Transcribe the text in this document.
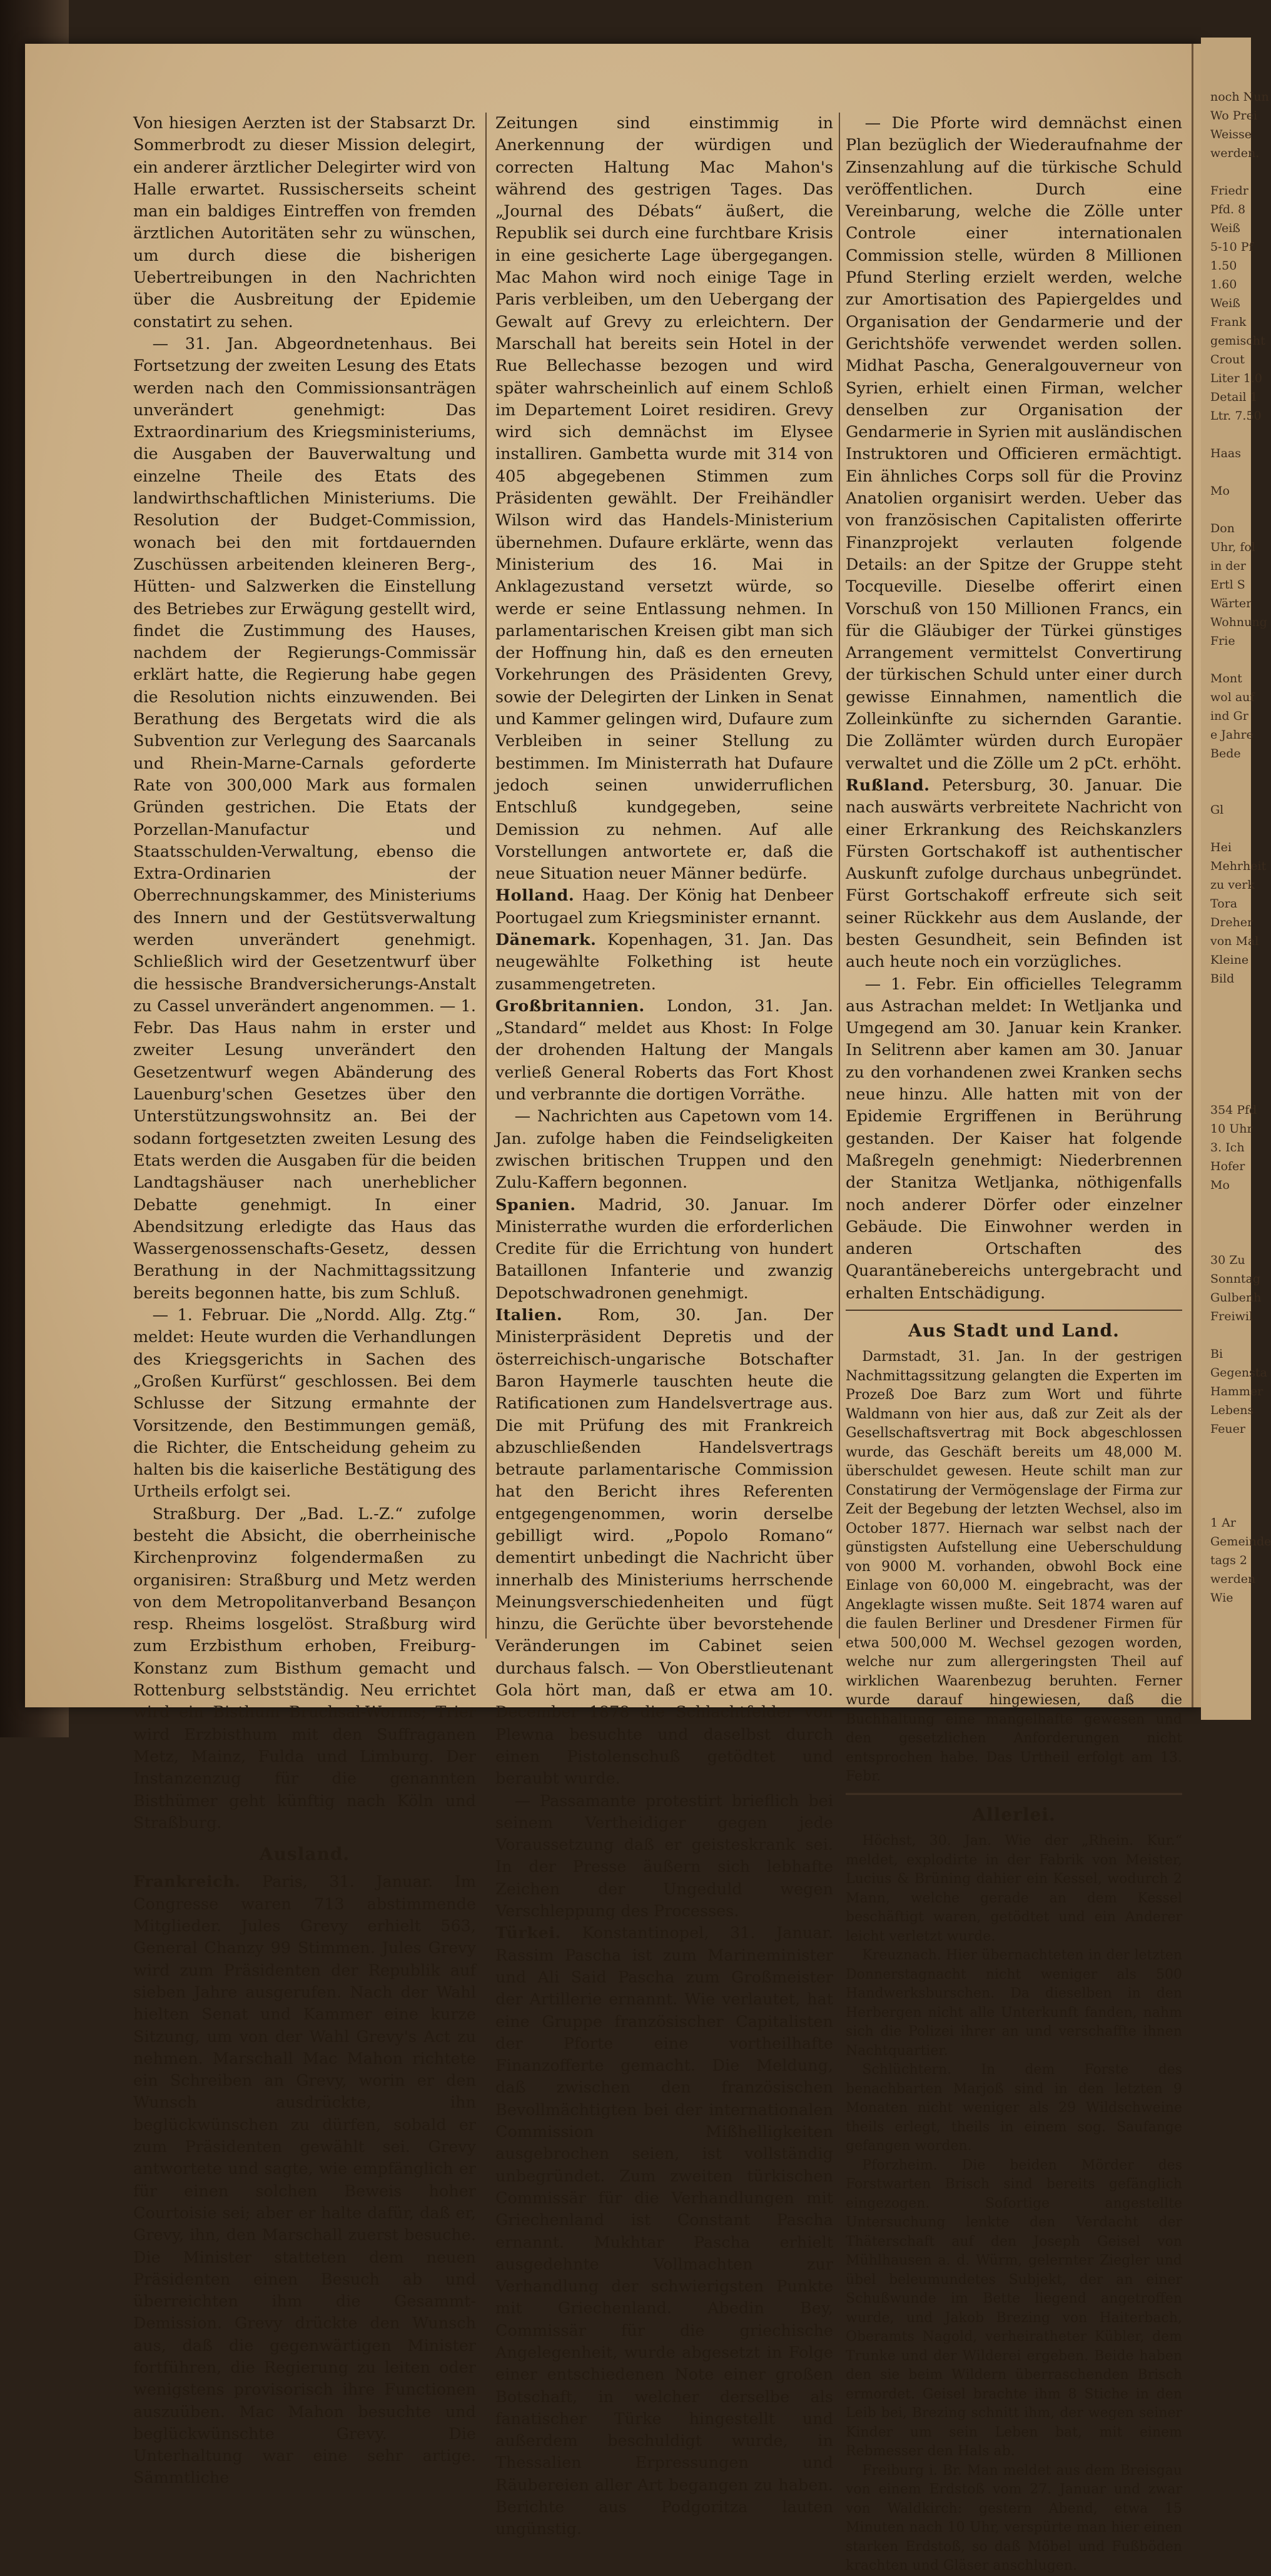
noch Nun
Wo Prei
Weisse
werden.

Friedr
Pfd. 8
Weiß
5-10 Pf
1.50
1.60
Weiß
Frank
gemischt
Crout
Liter 1.0
Detail 1
Ltr. 7.50

Haas

Mo

Don
Uhr, fol
in der
Ertl S
Wärter
Wohnung
Frie

Mont
wol auf
ind Gr
e Jahre
Bede

Gl

Hei
Mehrheit
zu verk
Tora
Dreher
von Mal
Kleine
Bild

354 Pfd
10 Uhr
3. Ich
Hofer
Mo

30 Zu
Sonntag
Gulbenh
Freiwil

Bi
Gegensta
Hammer
Lebens
Feuer

1 Ar
Gemeinde
tags 2
werden
Wie

Von hiesigen Aerzten ist der Stabsarzt Dr. Sommerbrodt zu dieser Mission delegirt, ein anderer ärztlicher Delegirter wird von Halle erwartet. Russischerseits scheint man ein baldiges Eintreffen von fremden ärztlichen Autoritäten sehr zu wünschen, um durch diese die bisherigen Uebertreibungen in den Nachrichten über die Ausbreitung der Epidemie constatirt zu sehen.

— 31. Jan. Abgeordnetenhaus. Bei Fortsetzung der zweiten Lesung des Etats werden nach den Commissionsanträgen unverändert genehmigt: Das Extraordinarium des Kriegsministeriums, die Ausgaben der Bauverwaltung und einzelne Theile des Etats des landwirthschaftlichen Ministeriums. Die Resolution der Budget-Commission, wonach bei den mit fortdauernden Zuschüssen arbeitenden kleineren Berg-, Hütten- und Salzwerken die Einstellung des Betriebes zur Erwägung gestellt wird, findet die Zustimmung des Hauses, nachdem der Regierungs-Commissär erklärt hatte, die Regierung habe gegen die Resolution nichts einzuwenden. Bei Berathung des Bergetats wird die als Subvention zur Verlegung des Saarcanals und Rhein-Marne-Carnals geforderte Rate von 300,000 Mark aus formalen Gründen gestrichen. Die Etats der Porzellan-Manufactur und Staatsschulden-Verwaltung, ebenso die Extra-Ordinarien der Oberrechnungskammer, des Ministeriums des Innern und der Gestütsverwaltung werden unverändert genehmigt. Schließlich wird der Gesetzentwurf über die hessische Brandversicherungs-Anstalt zu Cassel unverändert angenommen. — 1. Febr. Das Haus nahm in erster und zweiter Lesung unverändert den Gesetzentwurf wegen Abänderung des Lauenburg'schen Gesetzes über den Unterstützungswohnsitz an. Bei der sodann fortgesetzten zweiten Lesung des Etats werden die Ausgaben für die beiden Landtagshäuser nach unerheblicher Debatte genehmigt. In einer Abendsitzung erledigte das Haus das Wassergenossenschafts-Gesetz, dessen Berathung in der Nachmittagssitzung bereits begonnen hatte, bis zum Schluß.

— 1. Februar. Die „Nordd. Allg. Ztg.“ meldet: Heute wurden die Verhandlungen des Kriegsgerichts in Sachen des „Großen Kurfürst“ geschlossen. Bei dem Schlusse der Sitzung ermahnte der Vorsitzende, den Bestimmungen gemäß, die Richter, die Entscheidung geheim zu halten bis die kaiserliche Bestätigung des Urtheils erfolgt sei.

Straßburg. Der „Bad. L.-Z.“ zufolge besteht die Absicht, die oberrheinische Kirchenprovinz folgendermaßen zu organisiren: Straßburg und Metz werden von dem Metropolitanverband Besançon resp. Rheims losgelöst. Straßburg wird zum Erzbisthum erhoben, Freiburg-Konstanz zum Bisthum gemacht und Rottenburg selbstständig. Neu errichtet wird ein Bisthum Bruchsal-Worms; Trier wird Erzbisthum mit den Suffraganen Metz, Mainz, Fulda und Limburg. Der Instanzenzug für die genannten Bisthümer geht künftig nach Köln und Straßburg.

Ausland.

Frankreich. Paris, 31. Januar. Im Congresse waren 713 abstimmende Mitglieder. Jules Grevy erhielt 563, General Chanzy 99 Stimmen. Jules Grevy wird zum Präsidenten der Republik auf sieben Jahre ausgerufen. Nach der Wahl hielten Senat und Kammer eine kurze Sitzung, um von der Wahl Grevy's Act zu nehmen. Marschall Mac Mahon richtete ein Schreiben an Grevy, worin er den Wunsch ausdrückte, ihn beglückwünschen zu dürfen, sobald er zum Präsidenten gewählt sei. Grevy antwortete und sagte, wie empfänglich er für einen solchen Beweis hoher Courtoisie sei; aber er halte dafür, daß er, Grevy, ihn, den Marschall zuerst besuche. Die Minister statteten dem neuen Präsidenten einen Besuch ab und überreichten ihm die Gesammt-Demission. Grevy drückte den Wunsch aus, daß die gegenwärtigen Minister fortführen, die Regierung zu leiten oder wenigstens provisorisch ihre Functionen auszuüben. Mac Mahon besuchte und beglückwünschte Grevy. Die Unterhaltung war eine sehr artige. Sämmtliche

Zeitungen sind einstimmig in Anerkennung der würdigen und correcten Haltung Mac Mahon's während des gestrigen Tages. Das „Journal des Débats“ äußert, die Republik sei durch eine furchtbare Krisis in eine gesicherte Lage übergegangen. Mac Mahon wird noch einige Tage in Paris verbleiben, um den Uebergang der Gewalt auf Grevy zu erleichtern. Der Marschall hat bereits sein Hotel in der Rue Bellechasse bezogen und wird später wahrscheinlich auf einem Schloß im Departement Loiret residiren. Grevy wird sich demnächst im Elysee installiren. Gambetta wurde mit 314 von 405 abgegebenen Stimmen zum Präsidenten gewählt. Der Freihändler Wilson wird das Handels-Ministerium übernehmen. Dufaure erklärte, wenn das Ministerium des 16. Mai in Anklagezustand versetzt würde, so werde er seine Entlassung nehmen. In parlamentarischen Kreisen gibt man sich der Hoffnung hin, daß es den erneuten Vorkehrungen des Präsidenten Grevy, sowie der Delegirten der Linken in Senat und Kammer gelingen wird, Dufaure zum Verbleiben in seiner Stellung zu bestimmen. Im Ministerrath hat Dufaure jedoch seinen unwiderruflichen Entschluß kundgegeben, seine Demission zu nehmen. Auf alle Vorstellungen antwortete er, daß die neue Situation neuer Männer bedürfe.

Holland. Haag. Der König hat Denbeer Poortugael zum Kriegsminister ernannt.

Dänemark. Kopenhagen, 31. Jan. Das neugewählte Folkething ist heute zusammengetreten.

Großbritannien. London, 31. Jan. „Standard“ meldet aus Khost: In Folge der drohenden Haltung der Mangals verließ General Roberts das Fort Khost und verbrannte die dortigen Vorräthe.

— Nachrichten aus Capetown vom 14. Jan. zufolge haben die Feindseligkeiten zwischen britischen Truppen und den Zulu-Kaffern begonnen.

Spanien. Madrid, 30. Januar. Im Ministerrathe wurden die erforderlichen Credite für die Errichtung von hundert Bataillonen Infanterie und zwanzig Depotschwadronen genehmigt.

Italien. Rom, 30. Jan. Der Ministerpräsident Depretis und der österreichisch-ungarische Botschafter Baron Haymerle tauschten heute die Ratificationen zum Handelsvertrage aus. Die mit Prüfung des mit Frankreich abzuschließenden Handelsvertrags betraute parlamentarische Commission hat den Bericht ihres Referenten entgegengenommen, worin derselbe gebilligt wird. „Popolo Romano“ dementirt unbedingt die Nachricht über innerhalb des Ministeriums herrschende Meinungsverschiedenheiten und fügt hinzu, die Gerüchte über bevorstehende Veränderungen im Cabinet seien durchaus falsch. — Von Oberstlieutenant Gola hört man, daß er etwa am 10. December 1878 die Schlachtfelder von Plewna besuchte und daselbst durch einen Pistolenschuß getödtet und beraubt wurde.

— Passamante protestirt brieflich bei seinem Vertheidiger gegen jede Voraussetzung daß er geisteskrank sei. In der Presse äußern sich lebhafte Zeichen der Ungeduld wegen Verschleppung des Processes.

Türkei. Konstantinopel, 31. Januar. Rassim Pascha ist zum Marineminister und Ali Said Pascha zum Großmeister der Artillerie ernannt. Wie verlautet, hat eine Gruppe französischer Capitalisten der Pforte eine vortheilhafte Finanzofferte gemacht. Die Meldung, daß zwischen den französischen Bevollmächtigten bei der internationalen Commission Mißhelligkeiten ausgebrochen seien, ist vollständig unbegründet. Zum zweiten türkischen Commissär für die Verhandlungen mit Griechenland ist Constant Pascha ernannt. Mukhtar Pascha erhielt ausgedehnte Vollmachten zur Verhandlung der schwierigsten Punkte mit Griechenland. Abedin Bey, Commissär für die griechische Angelegenheit, wurde abgesetzt in Folge einer entschiedenen Note einer großen Botschaft, in welcher derselbe als fanatischer Türke hingestellt und außerdem beschuldigt wurde, in Thessalien Erpressungen und Räubereien aller Art begangen zu haben. Berichte aus Podgoritza lauten ungünstig.

— Die Pforte wird demnächst einen Plan bezüglich der Wiederaufnahme der Zinsenzahlung auf die türkische Schuld veröffentlichen. Durch eine Vereinbarung, welche die Zölle unter Controle einer internationalen Commission stelle, würden 8 Millionen Pfund Sterling erzielt werden, welche zur Amortisation des Papiergeldes und Organisation der Gendarmerie und der Gerichtshöfe verwendet werden sollen. Midhat Pascha, Generalgouverneur von Syrien, erhielt einen Firman, welcher denselben zur Organisation der Gendarmerie in Syrien mit ausländischen Instruktoren und Officieren ermächtigt. Ein ähnliches Corps soll für die Provinz Anatolien organisirt werden. Ueber das von französischen Capitalisten offerirte Finanzprojekt verlauten folgende Details: an der Spitze der Gruppe steht Tocqueville. Dieselbe offerirt einen Vorschuß von 150 Millionen Francs, ein für die Gläubiger der Türkei günstiges Arrangement vermittelst Convertirung der türkischen Schuld unter einer durch gewisse Einnahmen, namentlich die Zolleinkünfte zu sichernden Garantie. Die Zollämter würden durch Europäer verwaltet und die Zölle um 2 pCt. erhöht.

Rußland. Petersburg, 30. Januar. Die nach auswärts verbreitete Nachricht von einer Erkrankung des Reichskanzlers Fürsten Gortschakoff ist authentischer Auskunft zufolge durchaus unbegründet. Fürst Gortschakoff erfreute sich seit seiner Rückkehr aus dem Auslande, der besten Gesundheit, sein Befinden ist auch heute noch ein vorzügliches.

— 1. Febr. Ein officielles Telegramm aus Astrachan meldet: In Wetljanka und Umgegend am 30. Januar kein Kranker. In Selitrenn aber kamen am 30. Januar zu den vorhandenen zwei Kranken sechs neue hinzu. Alle hatten mit von der Epidemie Ergriffenen in Berührung gestanden. Der Kaiser hat folgende Maßregeln genehmigt: Niederbrennen der Stanitza Wetljanka, nöthigenfalls noch anderer Dörfer oder einzelner Gebäude. Die Einwohner werden in anderen Ortschaften des Quarantänebereichs untergebracht und erhalten Entschädigung.

Aus Stadt und Land.

Darmstadt, 31. Jan. In der gestrigen Nachmittagssitzung gelangten die Experten im Prozeß Doe Barz zum Wort und führte Waldmann von hier aus, daß zur Zeit als der Gesellschaftsvertrag mit Bock abgeschlossen wurde, das Geschäft bereits um 48,000 M. überschuldet gewesen. Heute schilt man zur Constatirung der Vermögenslage der Firma zur Zeit der Begebung der letzten Wechsel, also im October 1877. Hiernach war selbst nach der günstigsten Aufstellung eine Ueberschuldung von 9000 M. vorhanden, obwohl Bock eine Einlage von 60,000 M. eingebracht, was der Angeklagte wissen mußte. Seit 1874 waren auf die faulen Berliner und Dresdener Firmen für etwa 500,000 M. Wechsel gezogen worden, welche nur zum allergeringsten Theil auf wirklichen Waarenbezug beruhten. Ferner wurde darauf hingewiesen, daß die Buchhaltung eine mangelhafte gewesen und den gesetzlichen Anforderungen nicht entsprochen habe. Das Urtheil erfolgt am 13. Febr.

Allerlei.

Höchst, 30. Jan. Wie der „Rhein. Kur.“ meldet, explodirte in der Fabrik von Meister, Lucius & Brüning dahier ein Kessel, wodurch 2 Mann, welche gerade an dem Kessel beschäftigt waren, getödtet und ein Anderer leicht verletzt wurde.

Kreuznach. Hier übernachteten in der letzten Donnerstagnacht nicht weniger als 500 Handwerksburschen. Da dieselben in den Herbergen nicht alle Unterkunft fanden, nahm sich die Polizei ihrer an und verschaffte ihnen Nachtquartier.

Schlüchtern. In dem Forste des benachbarten Marjoß sind in den letzten 9 Monaten nicht weniger als 29 Wildschweine theils erlegt, theils in einem sog. Saufange gefangen worden.

Pforzheim. Die beiden Mörder des Forstwarten Brisch sind bereits gefänglich eingezogen. Sofortige angestellte Untersuchung lenkte den Verdacht der Thäterschaft auf den Joseph Geisel von Mühlhausen a. d. Würm, gelernter Ziegler und übel beleumundetes Subjekt, der an einer Schußwunde im Bette liegend angetroffen wurde, und Jakob Brezing von Haiterbach, Oberamts Nagold, verheiratheter Kübler, dem Trunke und der Wilderei ergeben. Beide haben den sie beim Wildern überraschenden Brisch ermordet. Geisel brachte ihm 8 Stiche in den Leib bei, Brezing schnitt ihm, der wegen seiner Kinder um sein Leben bat, mit einem Rebmesser den Hals ab.

Freiburg i. Br. Man meldet aus dem Breisgau von einem Erdstoß vom 27. Januar und zwar von Waldkirch: gestern Abend, etwa 15 Minuten nach 10 Uhr, verspürte man hier einen starken Erdstoß, so daß Möbel und Fußböden krachten und Gläser anschlugen.
